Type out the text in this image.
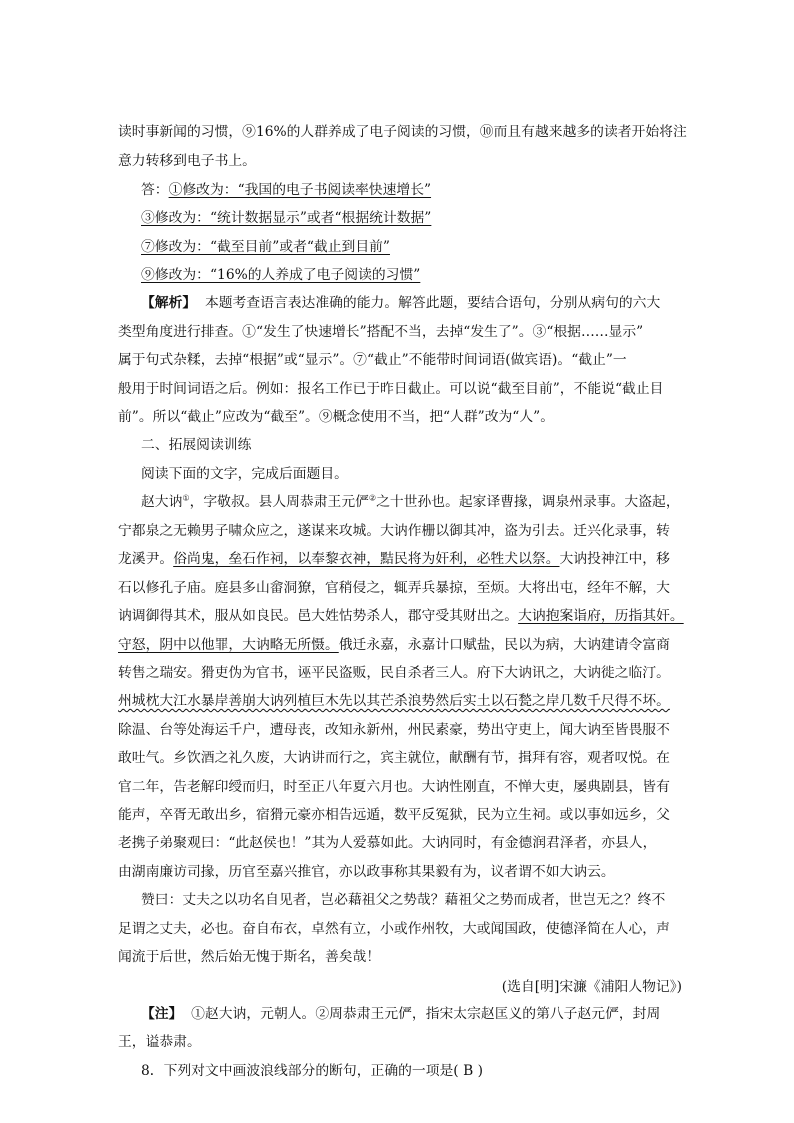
读时事新闻的习惯，⑨16%的人群养成了电子阅读的习惯，⑩而且有越来越多的读者开始将注
意力转移到电子书上。
答：①修改为：“我国的电子书阅读率快速增长”
③修改为：“统计数据显示”或者“根据统计数据”
⑦修改为：“截至目前”或者“截止到目前”
⑨修改为：“16%的人养成了电子阅读的习惯”
【解析】 本题考查语言表达准确的能力。解答此题，要结合语句，分别从病句的六大
类型角度进行排查。①“发生了快速增长”搭配不当，去掉“发生了”。③“根据……显示”
属于句式杂糅，去掉“根据”或“显示”。⑦“截止”不能带时间词语(做宾语)。“截止”一
般用于时间词语之后。例如：报名工作已于昨日截止。可以说“截至目前”，不能说“截止目
前”。所以“截止”应改为“截至”。⑨概念使用不当，把“人群”改为“人”。
二、拓展阅读训练
阅读下面的文字，完成后面题目。
赵大讷①，字敬叔。县人周恭肃王元俨②之十世孙也。起家译曹掾，调泉州录事。大盗起，
宁都泉之无赖男子啸众应之，遂谋来攻城。大讷作栅以御其冲，盗为引去。迁兴化录事，转
龙溪尹。俗尚鬼，垒石作祠，以奉黎衣神，黠民将为奸利，必牲犬以祭。大讷投神江中，移
石以修孔子庙。庭县多山畲洞獠，官稍侵之，辄弄兵暴掠，至烦。大将出屯，经年不解，大
讷调御得其术，服从如良民。邑大姓怙势杀人，郡守受其财出之。大讷抱案诣府，历指其奸。
守怒，阴中以他罪，大讷略无所慑。俄迁永嘉，永嘉计口赋盐，民以为病，大讷建请令富商
转售之瑞安。猾吏伪为官书，诬平民盗贩，民自杀者三人。府下大讷讯之，大讷徙之临汀。
州城枕大江水暴岸善崩大讷列植巨木先以其芒杀浪势然后实土以石甃之岸几数千尺得不坏。
除温、台等处海运千户，遭母丧，改知永新州，州民素豪，势出守吏上，闻大讷至皆畏服不
敢吐气。乡饮酒之礼久废，大讷讲而行之，宾主就位，献酬有节，揖拜有容，观者叹悦。在
官二年，告老解印绶而归，时至正八年夏六月也。大讷性刚直，不惮大吏，屡典剧县，皆有
能声，卒胥无敢出乡，宿猾元豪亦相告远遁，数平反冤狱，民为立生祠。或以事如远乡，父
老携子弟聚观曰：“此赵侯也！”其为人爱慕如此。大讷同时，有金德润君泽者，亦县人，
由湖南廉访司掾，历官至嘉兴推官，亦以政事称其果毅有为，议者谓不如大讷云。
赞曰：丈夫之以功名自见者，岂必藉祖父之势哉？藉祖父之势而成者，世岂无之？终不
足谓之丈夫，必也。奋自布衣，卓然有立，小或作州牧，大或闻国政，使德泽简在人心，声
闻流于后世，然后始无愧于斯名，善矣哉！
(选自[明]宋濂《浦阳人物记》)
【注】 ①赵大讷，元朝人。②周恭肃王元俨，指宋太宗赵匡义的第八子赵元俨，封周
王，谥恭肃。
8．下列对文中画波浪线部分的断句，正确的一项是( B )
